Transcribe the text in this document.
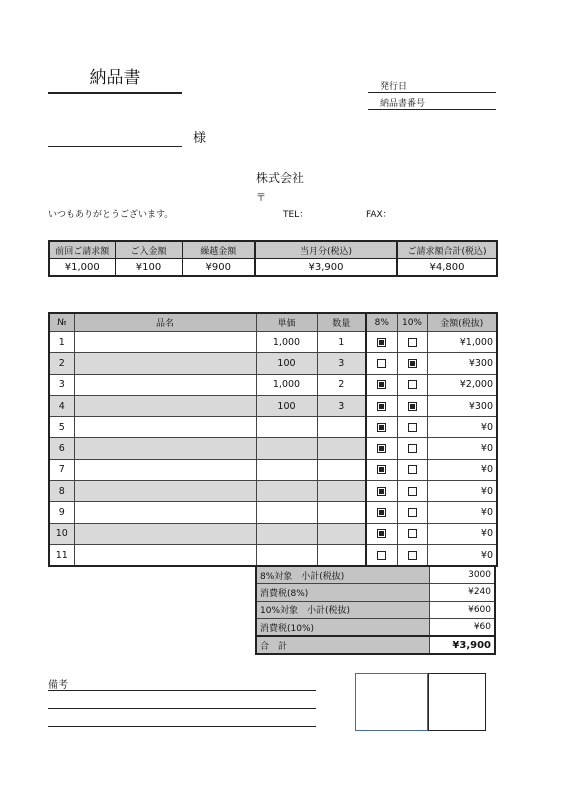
納品書	発行日
納品書番号
様
株式会社
〒
いつもありがとうございます。	TEL：	FAX：
前回ご請求額	ご入金額	繰越金額	当月分(税込)	ご請求額合計(税込)
¥1,000	¥100	¥900	¥3,900	¥4,800
№	品名	単価	数量	8%	10%	金額(税抜)
1		1,000	1			¥1,000
2		100	3			¥300
3		1,000	2			¥2,000
4		100	3			¥300
5						¥0
6						¥0
7						¥0
8						¥0
9						¥0
10						¥0
11						¥0
8%対象　小計(税抜)	3000
消費税(8%)	¥240
10%対象　小計(税抜)	¥600
消費税(10%)	¥60
合　計	¥3,900
備考
